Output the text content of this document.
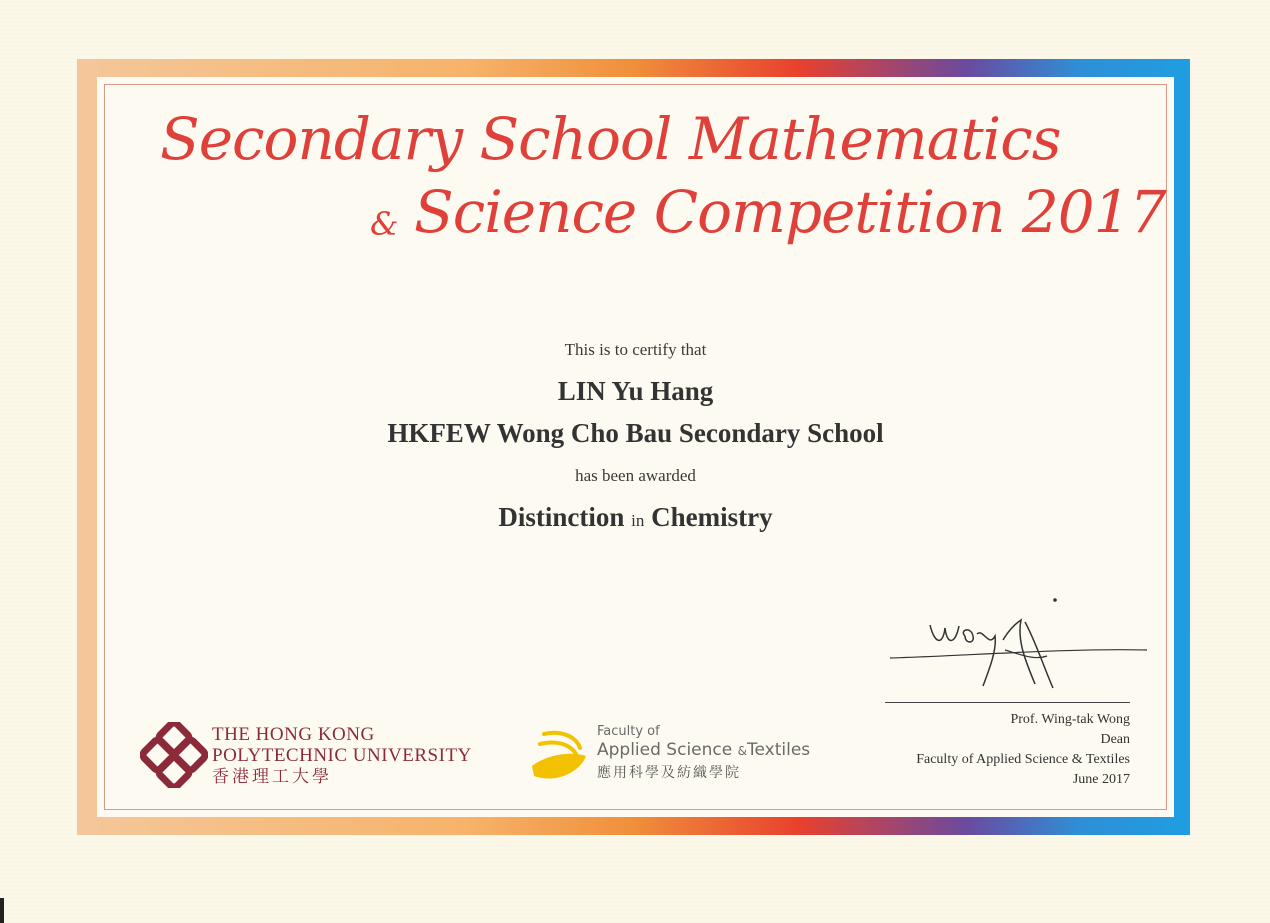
Secondary School Mathematics
& Science Competition 2017
This is to certify that
LIN Yu Hang
HKFEW Wong Cho Bau Secondary School
has been awarded
Distinction in Chemistry
Prof. Wing-tak Wong
Dean
Faculty of Applied Science & Textiles
June 2017
THE HONG KONG
POLYTECHNIC UNIVERSITY
香港理工大學
Faculty of
Applied Science &Textiles
應用科學及紡織學院
